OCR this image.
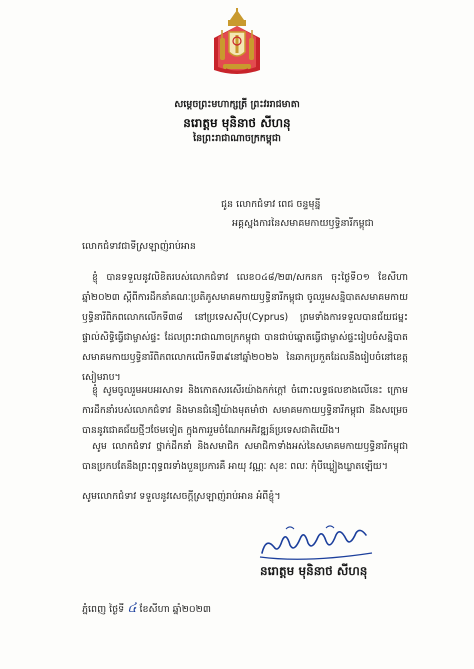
សម្តេចព្រះមហាក្សត្រី ព្រះវររាជមាតា
នរោត្តម មុនិនាថ សីហនុ
នៃព្រះរាជាណាចក្រកម្ពុជា
ជូន លោកជំទាវ ពេជ ចន្ទមុន្នី
អគ្គស្នងការនៃសមាគមកាយឫទ្ធិនារីកម្ពុជា
លោកជំទាវជាទីស្រឡាញ់រាប់អាន
ខ្ញុំ បានទទួលនូវលិខិតរបស់លោកជំទាវ លេខ០៤៨/២៣/សកនក ចុះថ្ងៃទី០១ ខែសីហា ឆ្នាំ២០២៣ ស្តីពីការដឹកនាំគណៈប្រតិភូសមាគមកាយឫទ្ធិនារីកម្ពុជា ចូលរួមសន្និបាតសមាគមកាយឫទ្ធិនារីពិភពលោកលើកទី៣៨ នៅប្រទេសស៊ីប(Cyprus) ព្រមទាំងការទទួលបានជ័យជម្នះផ្ទាល់សិទ្ធិធ្វើជាម្ចាស់ផ្ទះ ដែលព្រះរាជាណាចក្រកម្ពុជា បានជាប់ឆ្នោតធ្វើជាម្ចាស់ផ្ទះរៀបចំសន្និបាតសមាគមកាយឫទ្ធិនារីពិភពលោកលើកទី៣៩នៅឆ្នាំ២០២៦ នៃឆាកប្រកួតដែលនឹងរៀបចំនៅខេត្តសៀមរាប។
ខ្ញុំ សូមចូលរួមអបអរសាទរ និងកោតសរសើរយ៉ាងកក់ក្តៅ ចំពោះលទ្ធផលខាងលើនេះ ក្រោមការដឹកនាំរបស់លោកជំទាវ និងមានជំនឿយ៉ាងមុតមាំថា សមាគមកាយឫទ្ធិនារីកម្ពុជា នឹងសម្រេចបាននូវជោគជ័យថ្មីៗថែមទៀត ក្នុងការរួមចំណែកអភិវឌ្ឍន៍ប្រទេសជាតិយើង។
សូម លោកជំទាវ ថ្នាក់ដឹកនាំ និងសមាជិក សមាជិកាទាំងអស់នៃសមាគមកាយឫទ្ធិនារីកម្ពុជា បានប្រកបតែនឹងព្រះពុទ្ធពរទាំងបួនប្រការគឺ អាយុ វណ្ណៈ សុខៈ ពលៈ កុំបីឃ្លៀងឃ្លាតឡើយ។
សូមលោកជំទាវ ទទួលនូវសេចក្តីស្រឡាញ់រាប់អាន អំពីខ្ញុំ។
នរោត្តម មុនិនាថ សីហនុ
ភ្នំពេញ ថ្ងៃទី ៤ ខែសីហា ឆ្នាំ២០២៣
